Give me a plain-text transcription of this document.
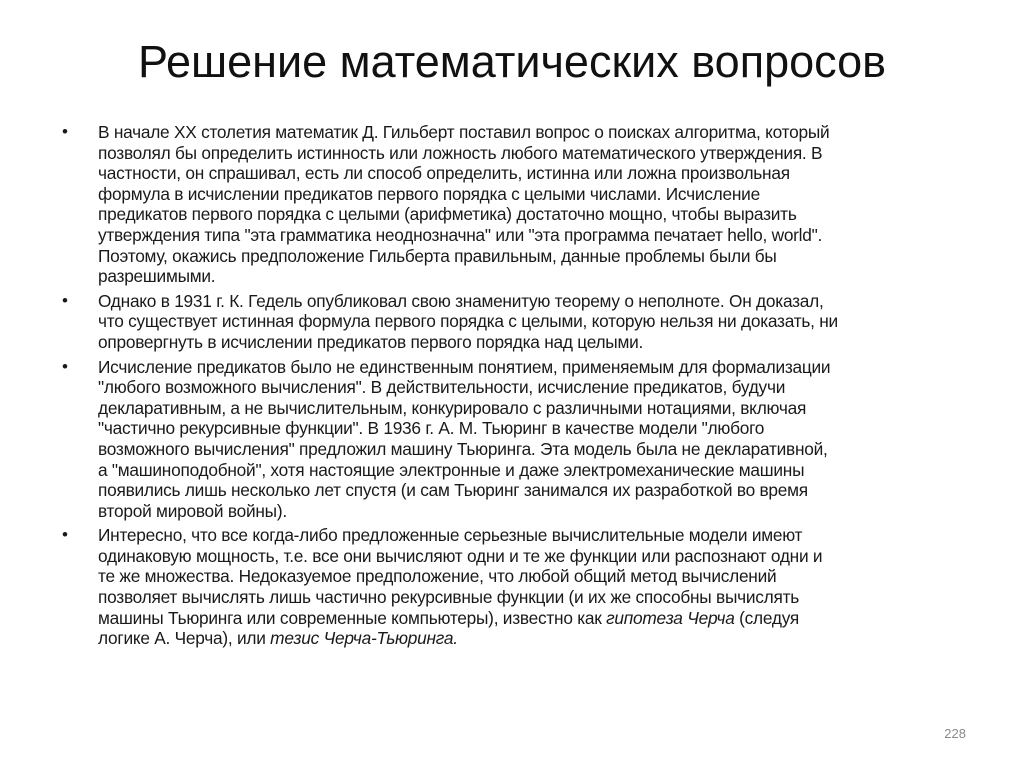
Решение математических вопросов
• В начале XX столетия математик Д. Гильберт поставил вопрос о поисках алгоритма, который
позволял бы определить истинность или ложность любого математического утверждения. В
частности, он спрашивал, есть ли способ определить, истинна или ложна произвольная
формула в исчислении предикатов первого порядка с целыми числами. Исчисление
предикатов первого порядка с целыми (арифметика) достаточно мощно, чтобы выразить
утверждения типа "эта грамматика неоднозначна" или "эта программа печатает hello, world".
Поэтому, окажись предположение Гильберта правильным, данные проблемы были бы
разрешимыми.
• Однако в 1931 г. К. Гедель опубликовал свою знаменитую теорему о неполноте. Он доказал,
что существует истинная формула первого порядка с целыми, которую нельзя ни доказать, ни
опровергнуть в исчислении предикатов первого порядка над целыми.
• Исчисление предикатов было не единственным понятием, применяемым для формализации
"любого возможного вычисления". В действительности, исчисление предикатов, будучи
декларативным, а не вычислительным, конкурировало с различными нотациями, включая
"частично рекурсивные функции". В 1936 г. А. М. Тьюринг в качестве модели "любого
возможного вычисления" предложил машину Тьюринга. Эта модель была не декларативной,
а "машиноподобной", хотя настоящие электронные и даже электромеханические машины
появились лишь несколько лет спустя (и сам Тьюринг занимался их разработкой во время
второй мировой войны).
• Интересно, что все когда-либо предложенные серьезные вычислительные модели имеют
одинаковую мощность, т.е. все они вычисляют одни и те же функции или распознают одни и
те же множества. Недоказуемое предположение, что любой общий метод вычислений
позволяет вычислять лишь частично рекурсивные функции (и их же способны вычислять
машины Тьюринга или современные компьютеры), известно как гипотеза Черча (следуя
логике А. Черча), или тезис Черча-Тьюринга.
228
